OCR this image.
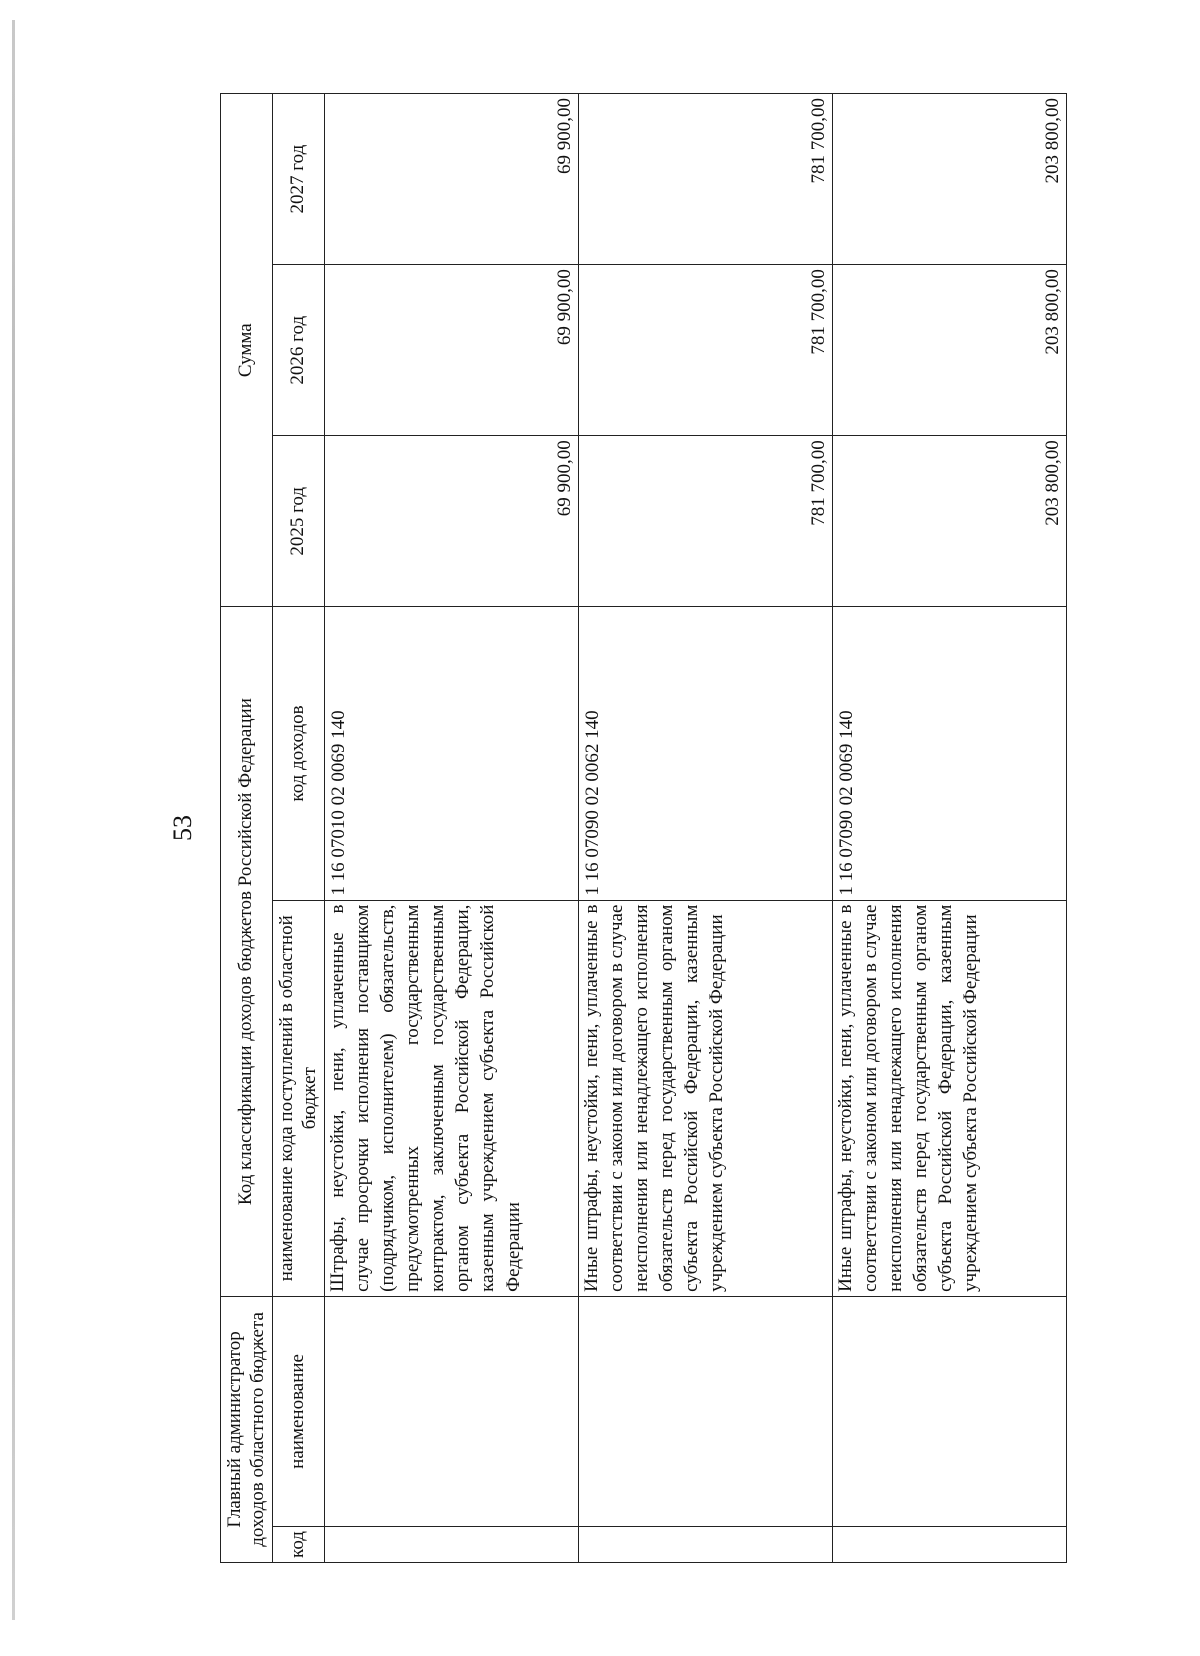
53
Главный администратор доходов областного бюджета		Код классификации доходов бюджетов Российской Федерации		Сумма		
код	наименование	наименование кода поступлений в областной бюджет	код доходов	2025 год	2026 год	2027 год
		Штрафы, неустойки, пени, уплаченные в случае просрочки исполнения поставщиком (подрядчиком, исполнителем) обязательств, предусмотренных государственным контрактом, заключенным государственным органом субъекта Российской Федерации, казенным учреждением субъекта Российской Федерации	1 16 07010 02 0069 140	69 900,00	69 900,00	69 900,00
		Иные штрафы, неустойки, пени, уплаченные в соответствии с законом или договором в случае неисполнения или ненадлежащего исполнения обязательств перед государственным органом субъекта Российской Федерации, казенным учреждением субъекта Российской Федерации	1 16 07090 02 0062 140	781 700,00	781 700,00	781 700,00
		Иные штрафы, неустойки, пени, уплаченные в соответствии с законом или договором в случае неисполнения или ненадлежащего исполнения обязательств перед государственным органом субъекта Российской Федерации, казенным учреждением субъекта Российской Федерации	1 16 07090 02 0069 140	203 800,00	203 800,00	203 800,00
